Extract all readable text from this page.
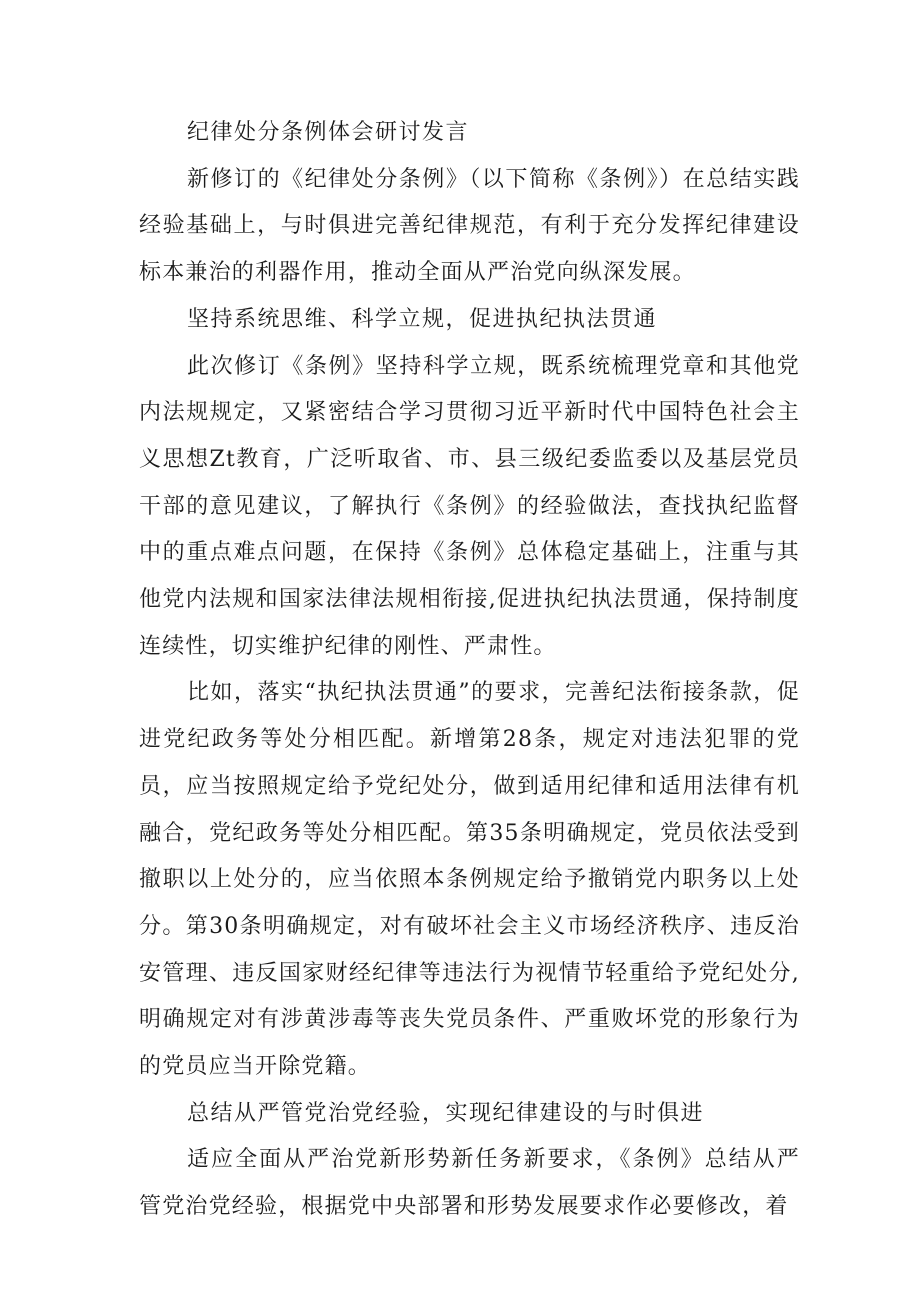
纪律处分条例体会研讨发言

新修订的《纪律处分条例》（以下简称《条例》）在总结实践经验基础上，与时俱进完善纪律规范，有利于充分发挥纪律建设标本兼治的利器作用，推动全面从严治党向纵深发展。

坚持系统思维、科学立规，促进执纪执法贯通

此次修订《条例》坚持科学立规，既系统梳理党章和其他党内法规规定，又紧密结合学习贯彻习近平新时代中国特色社会主义思想Zt教育，广泛听取省、市、县三级纪委监委以及基层党员干部的意见建议，了解执行《条例》的经验做法，查找执纪监督中的重点难点问题，在保持《条例》总体稳定基础上，注重与其他党内法规和国家法律法规相衔接,促进执纪执法贯通，保持制度连续性，切实维护纪律的刚性、严肃性。

比如，落实“执纪执法贯通”的要求，完善纪法衔接条款，促进党纪政务等处分相匹配。新增第28条，规定对违法犯罪的党员，应当按照规定给予党纪处分，做到适用纪律和适用法律有机融合，党纪政务等处分相匹配。第35条明确规定，党员依法受到撤职以上处分的，应当依照本条例规定给予撤销党内职务以上处分。第30条明确规定，对有破坏社会主义市场经济秩序、违反治安管理、违反国家财经纪律等违法行为视情节轻重给予党纪处分,明确规定对有涉黄涉毒等丧失党员条件、严重败坏党的形象行为的党员应当开除党籍。

总结从严管党治党经验，实现纪律建设的与时俱进

适应全面从严治党新形势新任务新要求，《条例》总结从严管党治党经验，根据党中央部署和形势发展要求作必要修改，着
